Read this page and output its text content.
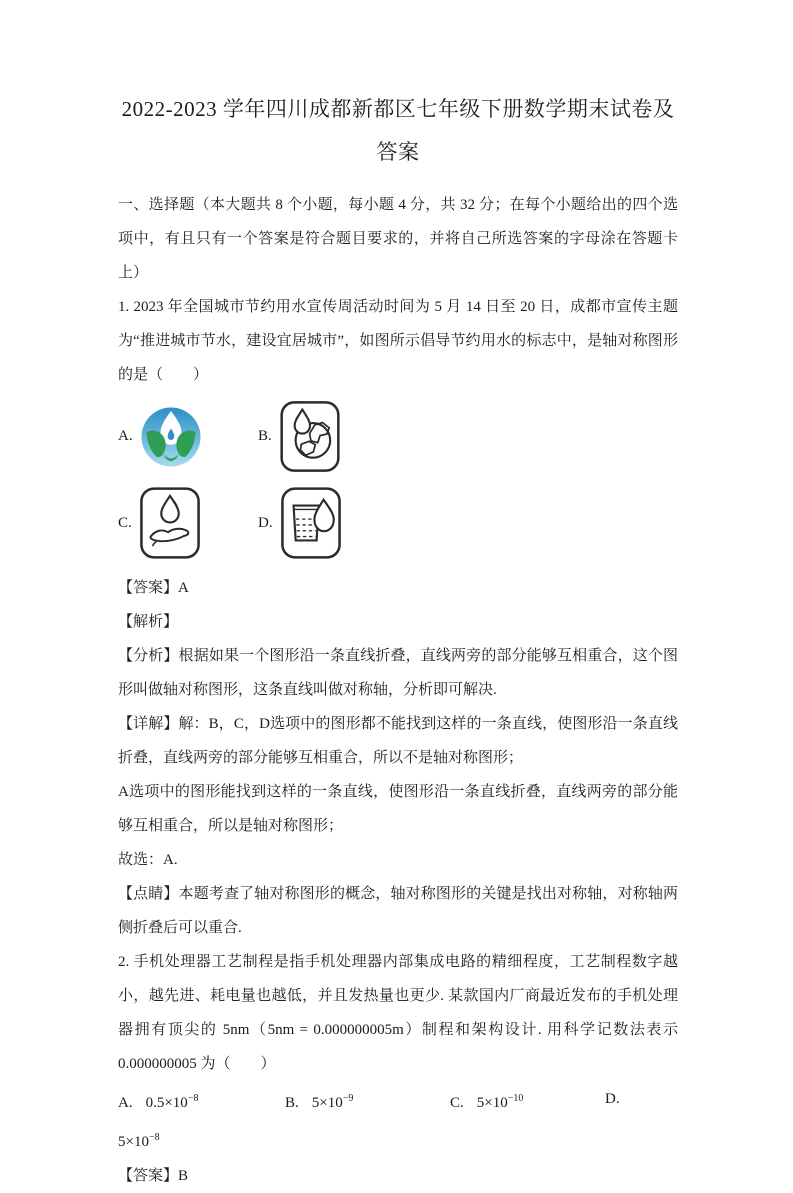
2022-2023 学年四川成都新都区七年级下册数学期末试卷及
答案

一、选择题（本大题共 8 个小题，每小题 4 分，共 32 分；在每个小题给出的四个选项中，有且只有一个答案是符合题目要求的，并将自己所选答案的字母涂在答题卡上）

1. 2023 年全国城市节约用水宣传周活动时间为 5 月 14 日至 20 日，成都市宣传主题为“推进城市节水，建设宜居城市”，如图所示倡导节约用水的标志中，是轴对称图形的是（　　）

A.	B.
C.	D.

【答案】A

【解析】

【分析】根据如果一个图形沿一条直线折叠，直线两旁的部分能够互相重合，这个图形叫做轴对称图形，这条直线叫做对称轴，分析即可解决.

【详解】解：B，C，D选项中的图形都不能找到这样的一条直线，使图形沿一条直线折叠，直线两旁的部分能够互相重合，所以不是轴对称图形；

A选项中的图形能找到这样的一条直线，使图形沿一条直线折叠，直线两旁的部分能够互相重合，所以是轴对称图形；

故选：A.

【点睛】本题考查了轴对称图形的概念，轴对称图形的关键是找出对称轴，对称轴两侧折叠后可以重合.

2. 手机处理器工艺制程是指手机处理器内部集成电路的精细程度，工艺制程数字越小，越先进、耗电量也越低，并且发热量也更少. 某款国内厂商最近发布的手机处理器拥有顶尖的 5nm（5nm = 0.000000005m）制程和架构设计. 用科学记数法表示 0.000000005 为（　　）

A. $0.5\times 10^{-8}$	B. $5\times 10^{-9}$	C. $5\times 10^{-10}$	D.

$5\times 10^{-8}$

【答案】B
